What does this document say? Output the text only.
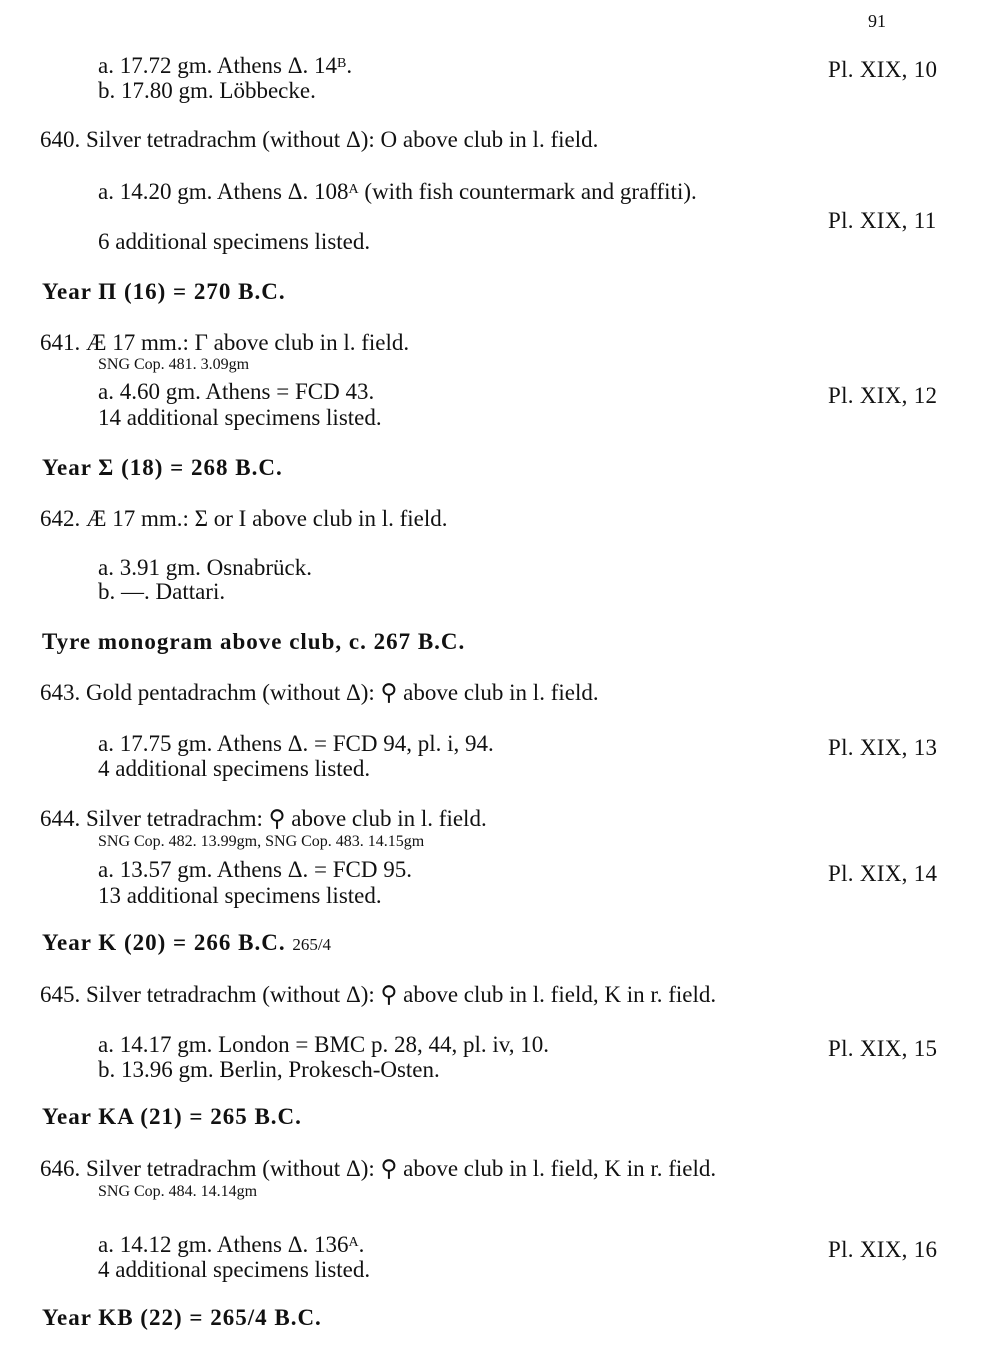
91
a. 17.72 gm. Athens Δ. $14^B$.	Pl. XIX, 10
b. 17.80 gm. Löbbecke.
640. Silver tetradrachm (without Δ): O above club in l. field.
a. 14.20 gm. Athens Δ. $108^A$ (with fish countermark and graffiti).
Pl. XIX, 11
6 additional specimens listed.
Year Π (16) = 270 B.C.
641. Æ 17 mm.: Γ above club in l. field.
SNG Cop. 481. 3.09gm
a. 4.60 gm. Athens = FCD 43.	Pl. XIX, 12
14 additional specimens listed.
Year Σ (18) = 268 B.C.
642. Æ 17 mm.: Σ or Ι above club in l. field.
a. 3.91 gm. Osnabrück.
b. —. Dattari.
Tyre monogram above club, c. 267 B.C.
643. Gold pentadrachm (without Δ): ⚲ above club in l. field.
a. 17.75 gm. Athens Δ. = FCD 94, pl. i, 94.	Pl. XIX, 13
4 additional specimens listed.
644. Silver tetradrachm: ⚲ above club in l. field.
SNG Cop. 482. 13.99gm, SNG Cop. 483. 14.15gm
a. 13.57 gm. Athens Δ. = FCD 95.	Pl. XIX, 14
13 additional specimens listed.
Year K (20) = 266 B.C. 265/4
645. Silver tetradrachm (without Δ): ⚲ above club in l. field, K in r. field.
a. 14.17 gm. London = BMC p. 28, 44, pl. iv, 10.	Pl. XIX, 15
b. 13.96 gm. Berlin, Prokesch-Osten.
Year KA (21) = 265 B.C.
646. Silver tetradrachm (without Δ): ⚲ above club in l. field, K in r. field.
SNG Cop. 484. 14.14gm
a. 14.12 gm. Athens Δ. $136^A$.	Pl. XIX, 16
4 additional specimens listed.
Year KB (22) = 265/4 B.C.
